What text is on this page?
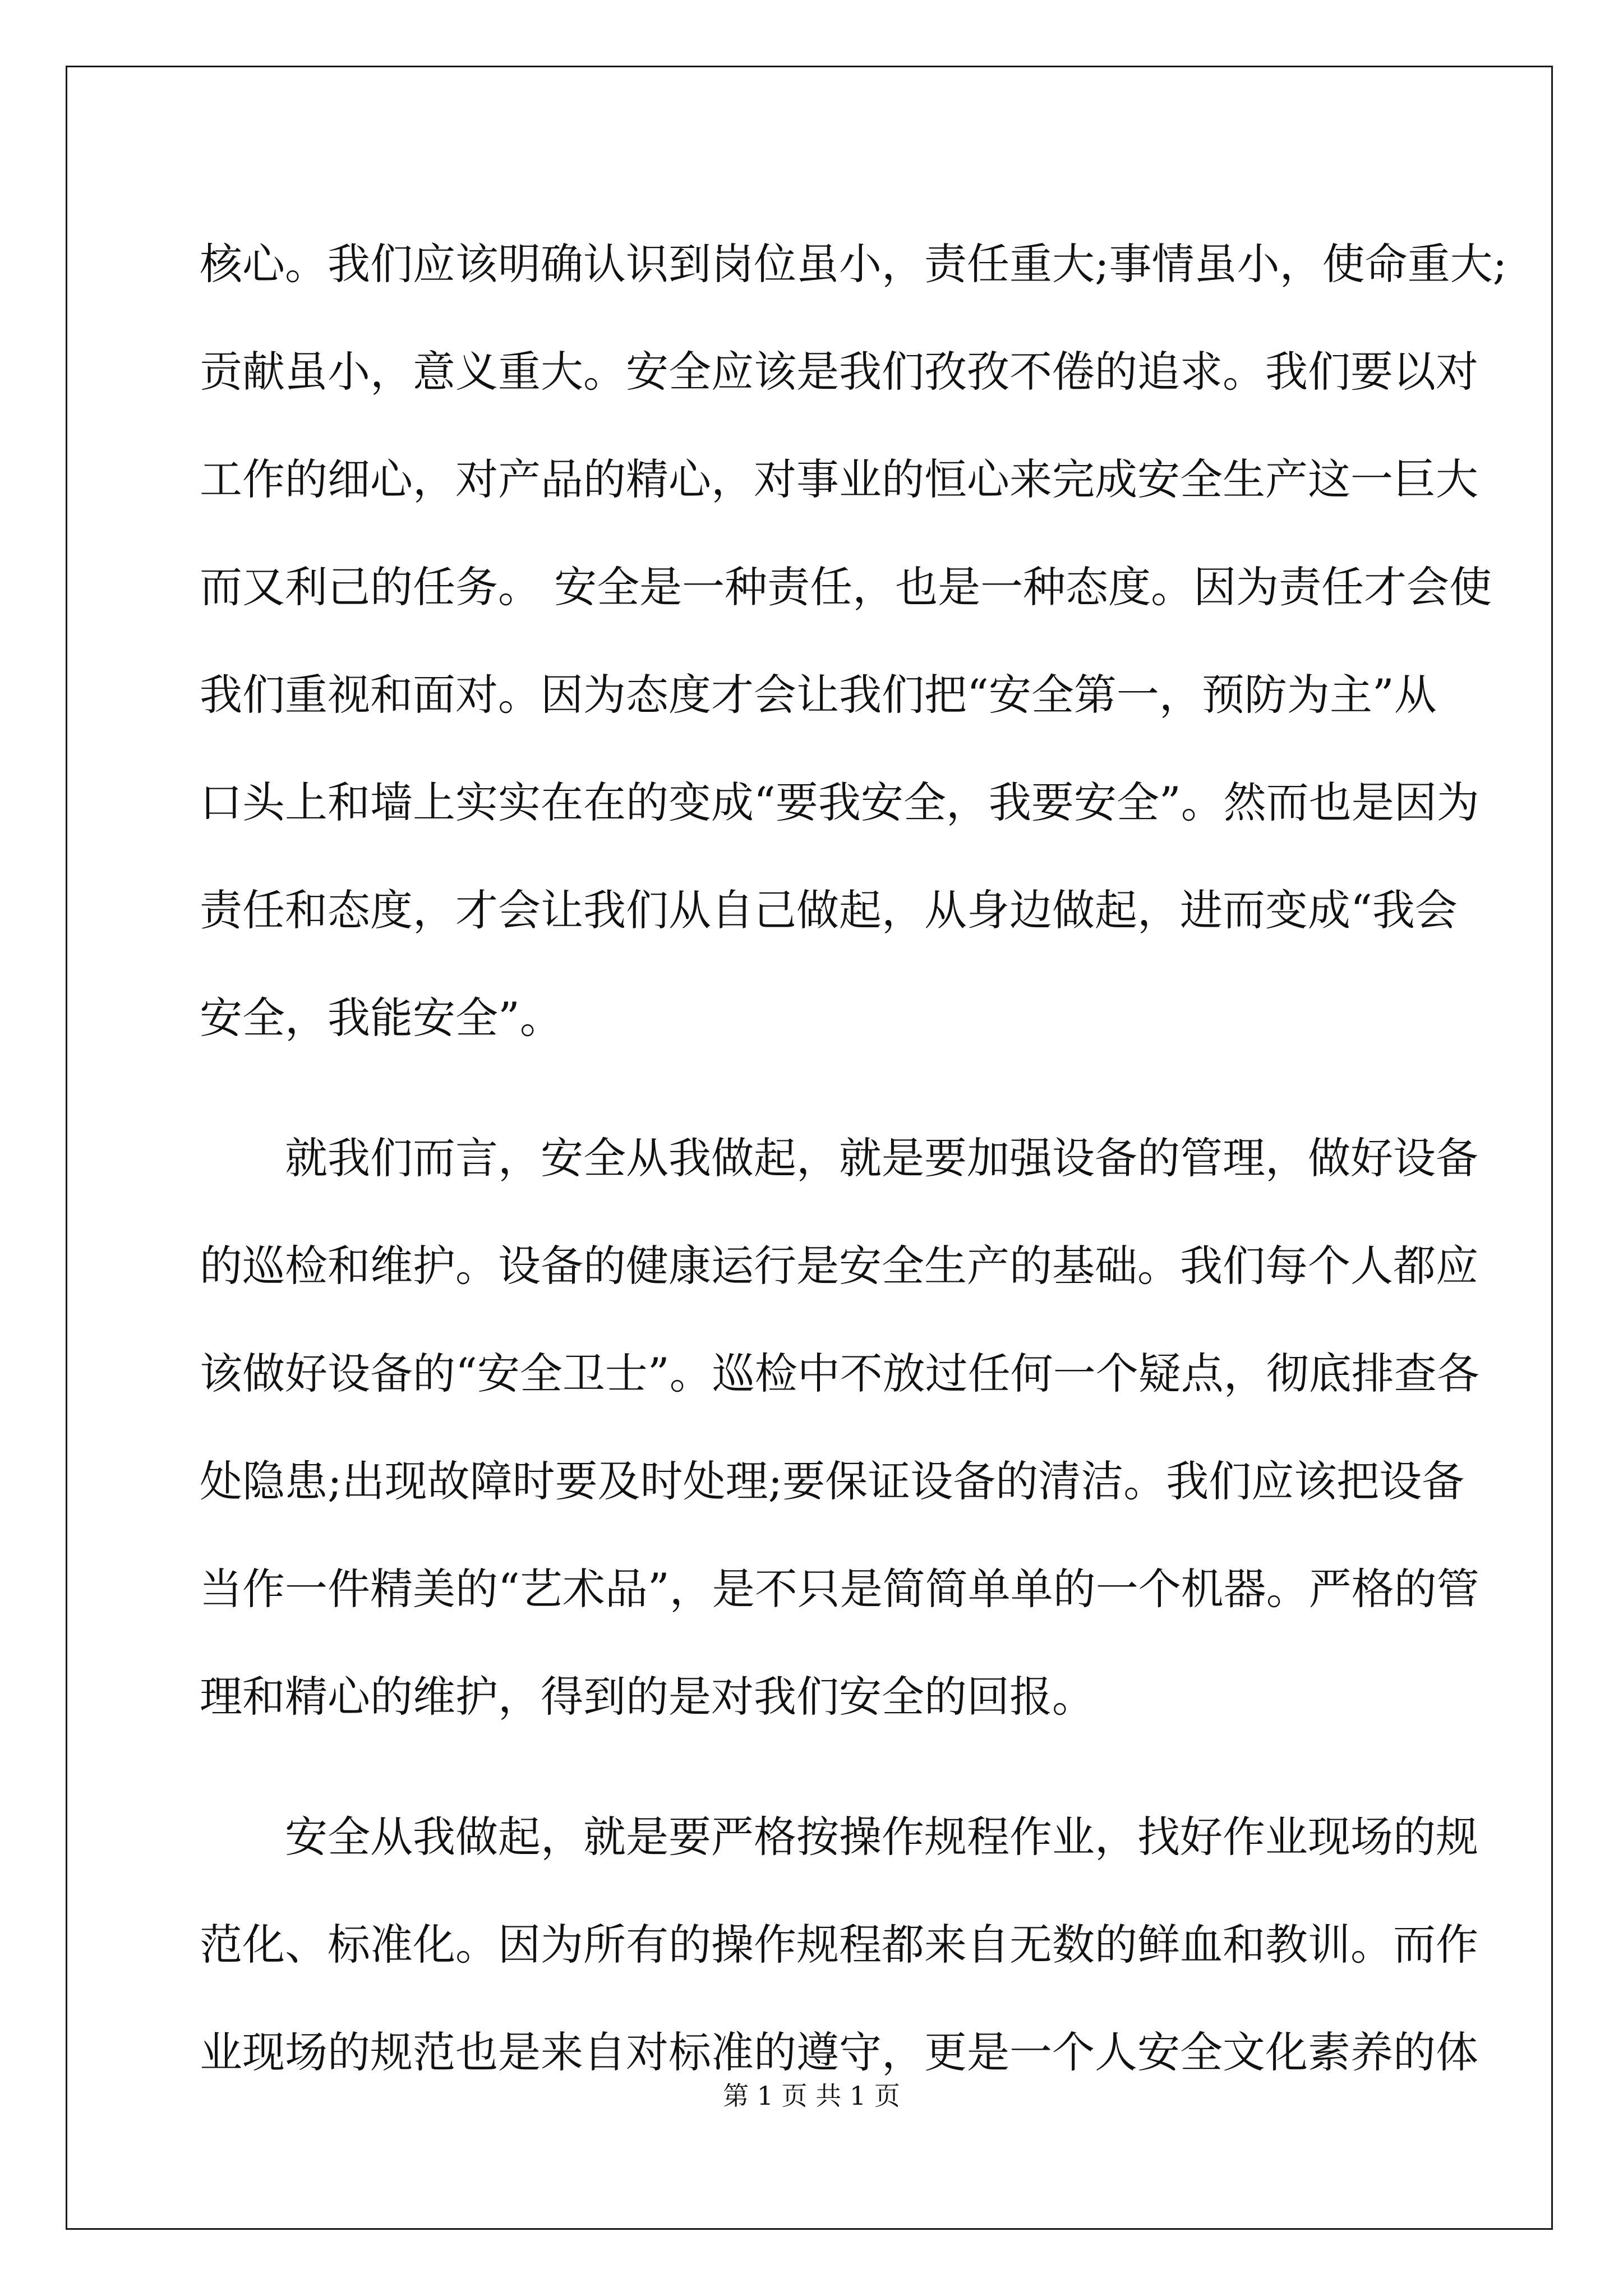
核心。我们应该明确认识到岗位虽小，责任重大;事情虽小，使命重大;
贡献虽小，意义重大。安全应该是我们孜孜不倦的追求。我们要以对
工作的细心，对产品的精心，对事业的恒心来完成安全生产这一巨大
而又利己的任务。 安全是一种责任，也是一种态度。因为责任才会使
我们重视和面对。因为态度才会让我们把“安全第一，预防为主”从
口头上和墙上实实在在的变成“要我安全，我要安全”。然而也是因为
责任和态度，才会让我们从自己做起，从身边做起，进而变成“我会
安全，我能安全”。
就我们而言，安全从我做起，就是要加强设备的管理，做好设备
的巡检和维护。设备的健康运行是安全生产的基础。我们每个人都应
该做好设备的“安全卫士”。巡检中不放过任何一个疑点，彻底排查各
处隐患;出现故障时要及时处理;要保证设备的清洁。我们应该把设备
当作一件精美的“艺术品”，是不只是简简单单的一个机器。严格的管
理和精心的维护，得到的是对我们安全的回报。
安全从我做起，就是要严格按操作规程作业，找好作业现场的规
范化、标准化。因为所有的操作规程都来自无数的鲜血和教训。而作
业现场的规范也是来自对标准的遵守，更是一个人安全文化素养的体
第 1 页 共 1 页
